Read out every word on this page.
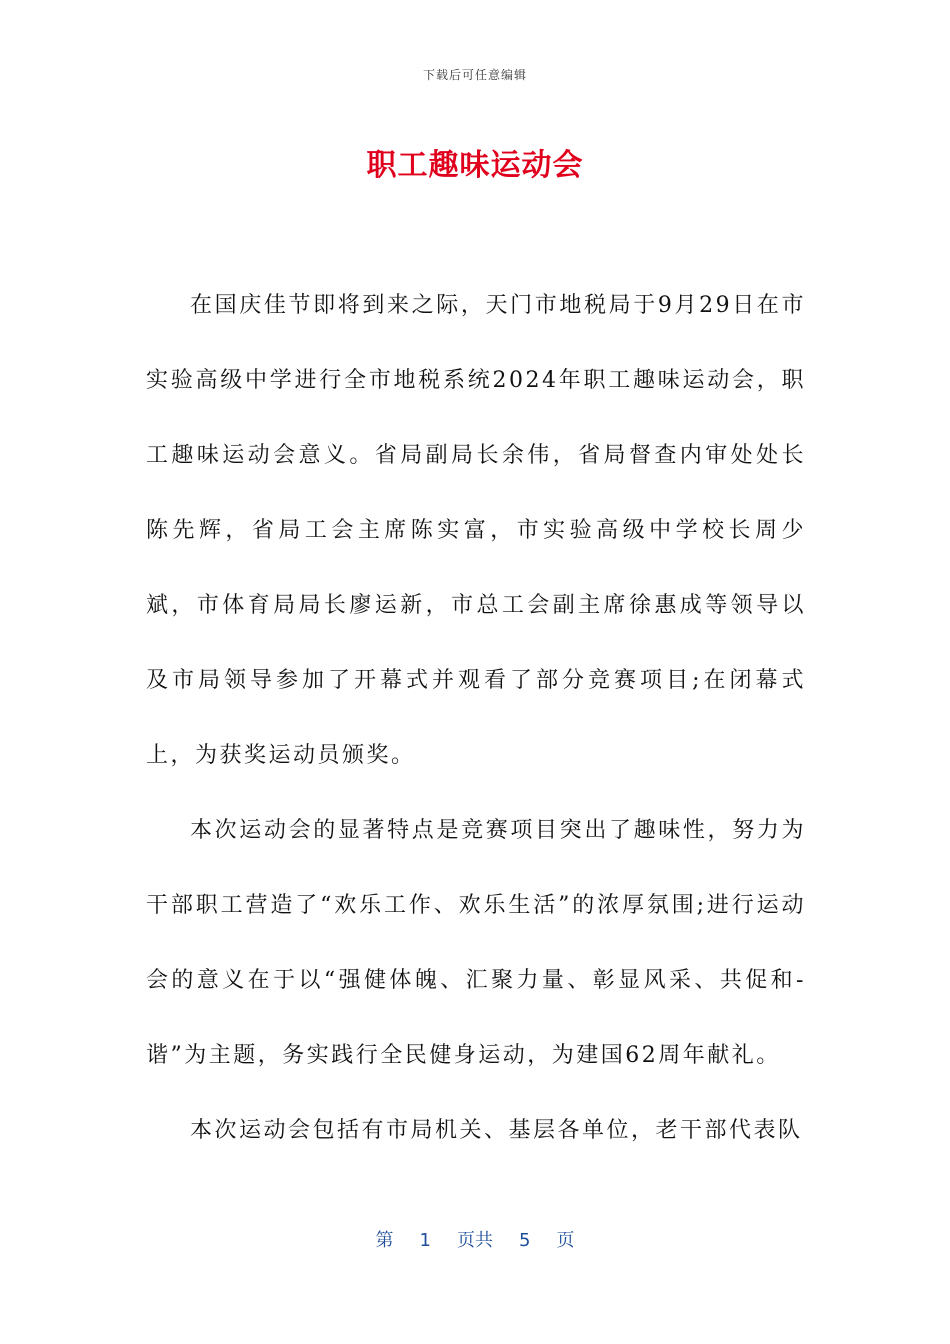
下载后可任意编辑
职工趣味运动会

在国庆佳节即将到来之际，天门市地税局于9月29日在市实验高级中学进行全市地税系统2024年职工趣味运动会，职工趣味运动会意义。省局副局长余伟，省局督查内审处处长陈先辉，省局工会主席陈实富，市实验高级中学校长周少斌，市体育局局长廖运新，市总工会副主席徐惠成等领导以及市局领导参加了开幕式并观看了部分竞赛项目;在闭幕式上，为获奖运动员颁奖。

本次运动会的显著特点是竞赛项目突出了趣味性，努力为干部职工营造了“欢乐工作、欢乐生活”的浓厚氛围;进行运动会的意义在于以“强健体魄、汇聚力量、彰显风采、共促和-谐”为主题，务实践行全民健身运动，为建国62周年献礼。

本次运动会包括有市局机关、基层各单位，老干部代表队

第 1 页共 5 页
